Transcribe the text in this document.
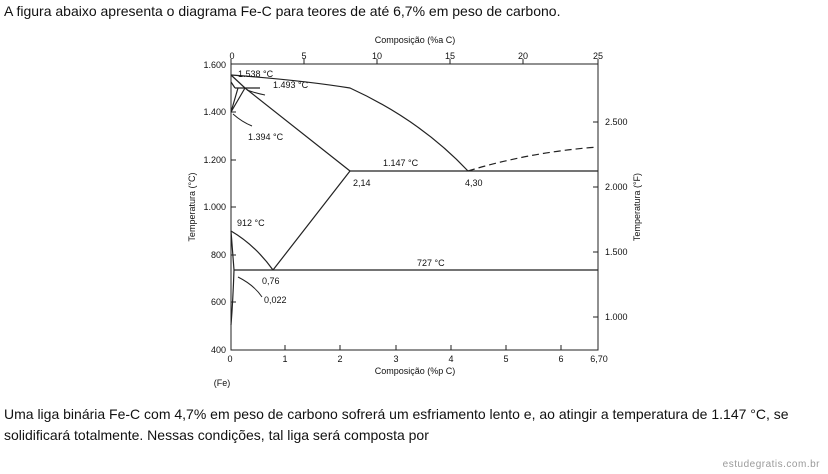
A figura abaixo apresenta o diagrama Fe-C para teores de até 6,7% em peso de carbono.
0	5	10	15	20	25
Composição (%a C)
0	1	2	3	4	5	6	6,70
Composição (%p C)
(Fe)
400
600
800
1.000
1.200
1.400
1.600
Temperatura (°C)
1.000
1.500
2.000
2.500
Temperatura (°F)
1.538 °C
1.493 °C
1.394 °C
1.147 °C
2,14	4,30
912 °C
727 °C
0,76
0,022
Uma liga binária Fe-C com 4,7% em peso de carbono sofrerá um esfriamento lento e, ao atingir a temperatura de 1.147 °C, se solidificará totalmente. Nessas condições, tal liga será composta por
estudegratis.com.br
